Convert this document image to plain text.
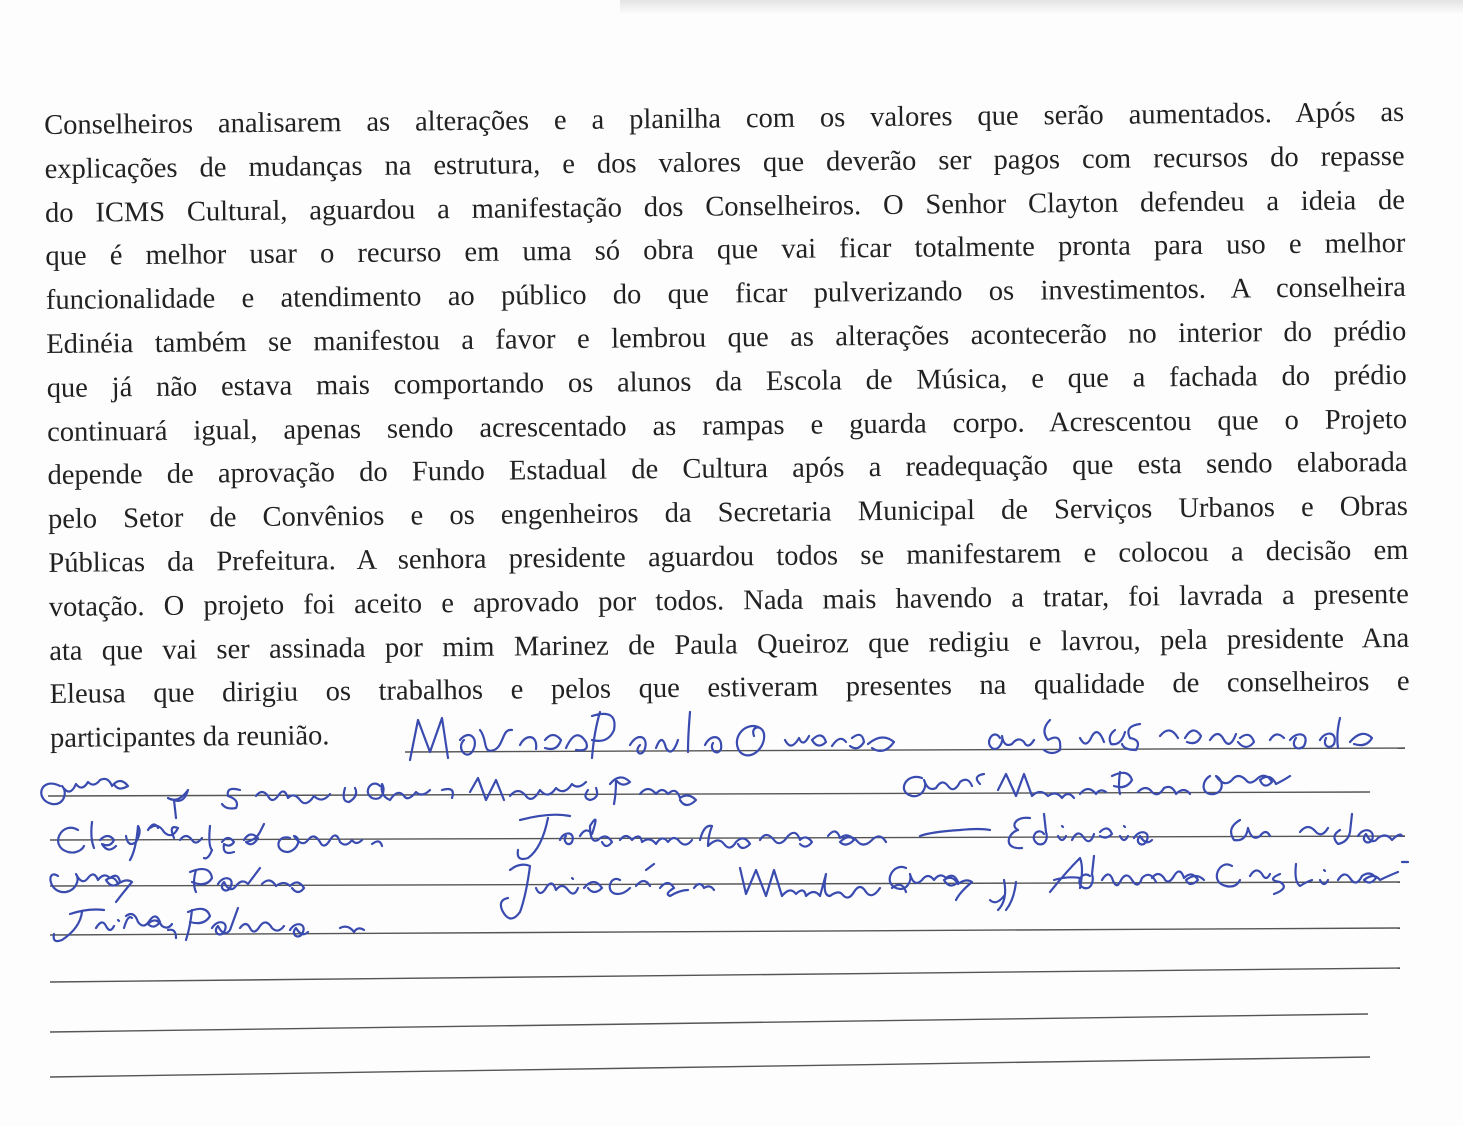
Conselheiros analisarem as alterações e a planilha com os valores que serão aumentados. Após as
explicações de mudanças na estrutura, e dos valores que deverão ser pagos com recursos do repasse
do ICMS Cultural, aguardou a manifestação dos Conselheiros. O Senhor Clayton defendeu a ideia de
que é melhor usar o recurso em uma só obra que vai ficar totalmente pronta para uso e melhor
funcionalidade e atendimento ao público do que ficar pulverizando os investimentos. A conselheira
Edinéia também se manifestou a favor e lembrou que as alterações acontecerão no interior do prédio
que já não estava mais comportando os alunos da Escola de Música, e que a fachada do prédio
continuará igual, apenas sendo acrescentado as rampas e guarda corpo. Acrescentou que o Projeto
depende de aprovação do Fundo Estadual de Cultura após a readequação que esta sendo elaborada
pelo Setor de Convênios e os engenheiros da Secretaria Municipal de Serviços Urbanos e Obras
Públicas da Prefeitura. A senhora presidente aguardou todos se manifestarem e colocou a decisão em
votação. O projeto foi aceito e aprovado por todos. Nada mais havendo a tratar, foi lavrada a presente
ata que vai ser assinada por mim Marinez de Paula Queiroz que redigiu e lavrou, pela presidente Ana
Eleusa que dirigiu os trabalhos e pelos que estiveram presentes na qualidade de conselheiros e
participantes da reunião.
